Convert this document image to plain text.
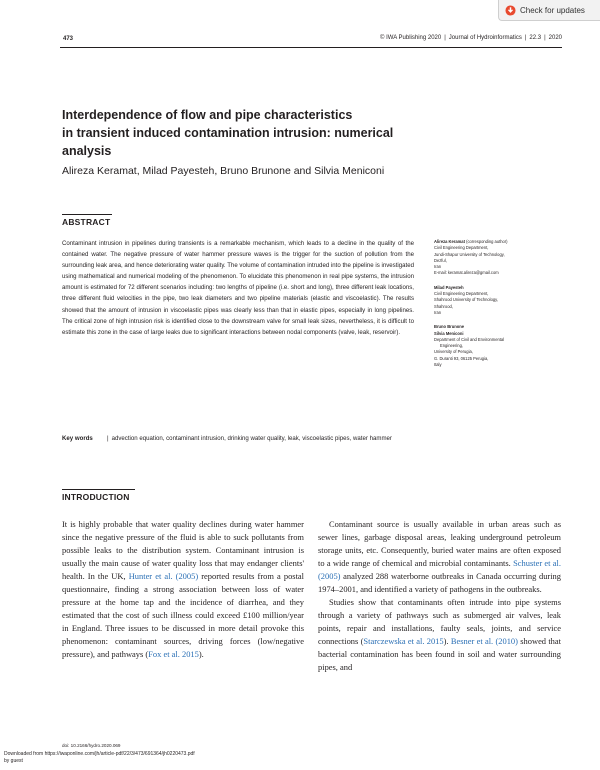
Check for updates
473	© IWA Publishing 2020 | Journal of Hydroinformatics | 22.3 | 2020
Interdependence of flow and pipe characteristics
in transient induced contamination intrusion: numerical
analysis
Alireza Keramat, Milad Payesteh, Bruno Brunone and Silvia Meniconi
ABSTRACT
Contaminant intrusion in pipelines during transients is a remarkable mechanism, which leads to a decline in the quality of the contained water. The negative pressure of water hammer pressure waves is the trigger for the suction of pollution from the surrounding leak area, and hence deteriorating water quality. The volume of contamination intruded into the pipeline is investigated using mathematical and numerical modeling of the phenomenon. To elucidate this phenomenon in real pipe systems, the intrusion amount is estimated for 72 different scenarios including: two lengths of pipeline (i.e. short and long), three different leak locations, three different fluid velocities in the pipe, two leak diameters and two pipeline materials (elastic and viscoelastic). The results showed that the amount of intrusion in viscoelastic pipes was clearly less than that in elastic pipes, especially in long pipelines. The critical zone of high intrusion risk is identified close to the downstream valve for small leak sizes, nevertheless, it is difficult to estimate this zone in the case of large leaks due to significant interactions between nodal components (valve, leak, reservoir).
Key words | advection equation, contaminant intrusion, drinking water quality, leak, viscoelastic pipes, water hammer
Alireza Keramat (corresponding author)
Civil Engineering Department,
Jundi-Shapur University of Technology,
Dezful,
Iran
E-mail: keramat.alireza@gmail.com
Milad Payesteh
Civil Engineering Department,
Shahrood University of Technology,
Shahrood,
Iran
Bruno Brunone
Silvia Meniconi
Department of Civil and Environmental
Engineering,
University of Perugia,
G. Duranti 93, 06125 Perugia,
Italy
INTRODUCTION

It is highly probable that water quality declines during water hammer since the negative pressure of the fluid is able to suck pollutants from possible leaks to the distribution system. Contaminant intrusion is usually the main cause of water quality loss that may endanger clients' health. In the UK, Hunter et al. (2005) reported results from a postal questionnaire, finding a strong association between loss of water pressure at the home tap and the incidence of diarrhea, and they estimated that the cost of such illness could exceed £100 million/year in England. Three issues to be discussed in more detail provoke this phenomenon: contaminant sources, driving forces (low/negative pressure), and pathways (Fox et al. 2015).

Contaminant source is usually available in urban areas such as sewer lines, garbage disposal areas, leaking underground petroleum storage units, etc. Consequently, buried water mains are often exposed to a wide range of chemical and microbial contaminants. Schuster et al. (2005) analyzed 288 waterborne outbreaks in Canada occurring during 1974–2001, and identified a variety of pathogens in the outbreaks.

Studies show that contaminants often intrude into pipe systems through a variety of pathways such as submerged air valves, leak points, repair and installations, faulty seals, joints, and service connections (Starczewska et al. 2015). Besner et al. (2010) showed that bacterial contamination has been found in soil and water surrounding pipes, and

doi: 10.2166/hydro.2020.069
Downloaded from https://iwaponline.com/jh/article-pdf/22/3/473/691364/jh0220473.pdf
by guest
